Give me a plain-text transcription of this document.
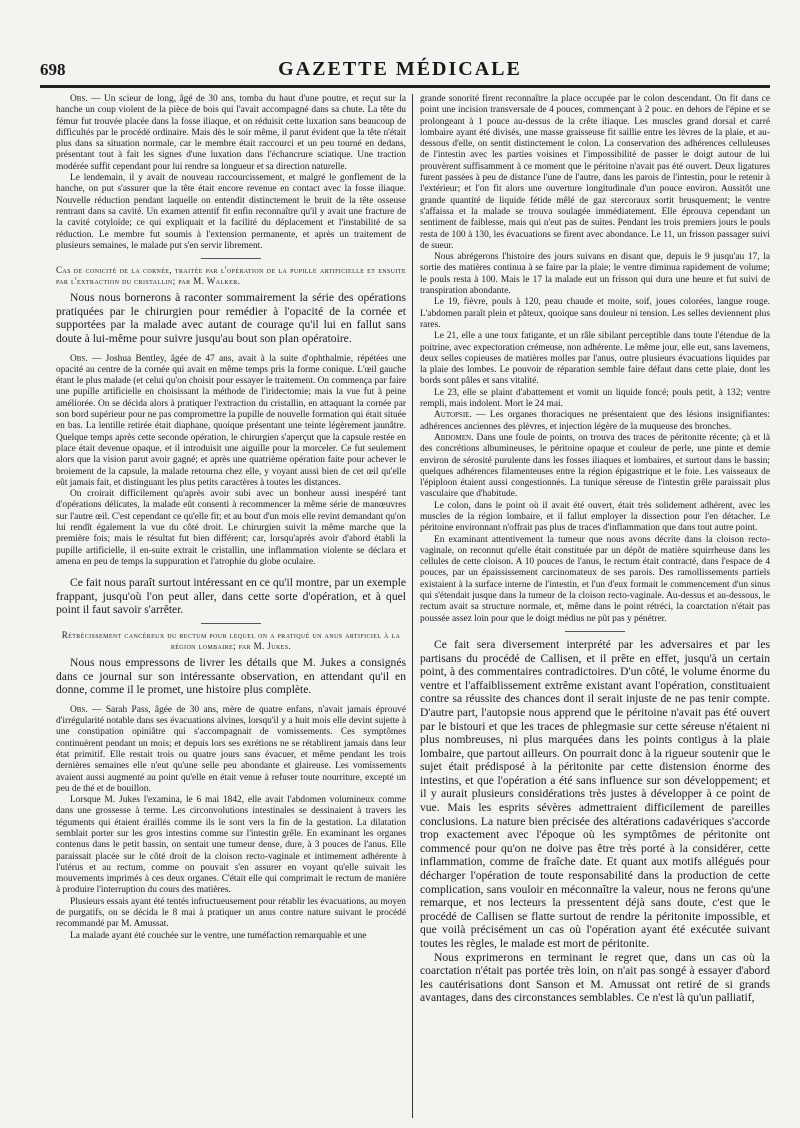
698	GAZETTE MÉDICALE

Obs. — Un scieur de long, âgé de 30 ans, tomba du haut d'une poutre, et reçut sur la hanche un coup violent de la pièce de bois qui l'avait accompagné dans sa chute. La tête du fémur fut trouvée placée dans la fosse iliaque, et on réduisit cette luxation sans beaucoup de difficultés par le procédé ordinaire. Mais dès le soir même, il parut évident que la tête n'était plus dans sa situation normale, car le membre était raccourci et un peu tourné en dedans, présentant tout à fait les signes d'une luxation dans l'échancrure sciatique. Une traction modérée suffit cependant pour lui rendre sa longueur et sa direction naturelle.

Le lendemain, il y avait de nouveau raccourcissement, et malgré le gonflement de la hanche, on put s'assurer que la tête était encore revenue en contact avec la fosse iliaque. Nouvelle réduction pendant laquelle on entendit distinctement le bruit de la tête osseuse rentrant dans sa cavité. Un examen attentif fit enfin reconnaître qu'il y avait une fracture de la cavité cotyloïde; ce qui expliquait et la facilité du déplacement et l'instabilité de sa réduction. Le membre fut soumis à l'extension permanente, et après un traitement de plusieurs semaines, le malade put s'en servir librement.

Cas de conicité de la cornée, traitée par l'opération de la pupille artificielle et ensuite par l'extraction du cristallin; par M. Walker.

Nous nous bornerons à raconter sommairement la série des opérations pratiquées par le chirurgien pour remédier à l'opacité de la cornée et supportées par la malade avec autant de courage qu'il lui en fallut sans doute à lui-même pour suivre jusqu'au bout son plan opératoire.

Obs. — Joshua Bentley, âgée de 47 ans, avait à la suite d'ophthalmie, répétées une opacité au centre de la cornée qui avait en même temps pris la forme conique. L'œil gauche étant le plus malade (et celui qu'on choisit pour essayer le traitement. On commença par faire une pupille artificielle en choisissant la méthode de l'iridectomie; mais la vue fut à peine améliorée. On se décida alors à pratiquer l'extraction du cristallin, en attaquant la cornée par son bord supérieur pour ne pas compromettre la pupille de nouvelle formation qui était située en bas. La lentille retirée était diaphane, quoique présentant une teinte légèrement jaunâtre. Quelque temps après cette seconde opération, le chirurgien s'aperçut que la capsule restée en place était devenue opaque, et il introduisit une aiguille pour la morceler. Ce fut seulement alors que la vision parut avoir gagné; et après une quatrième opération faite pour achever le broiement de la capsule, la malade retourna chez elle, y voyant aussi bien de cet œil qu'elle eût jamais fait, et distinguant les plus petits caractères à toutes les distances.

On croirait difficilement qu'après avoir subi avec un bonheur aussi inespéré tant d'opérations délicates, la malade eût consenti à recommencer la même série de manœuvres sur l'autre œil. C'est cependant ce qu'elle fit; et au bout d'un mois elle revint demandant qu'on lui rendît également la vue du côté droit. Le chirurgien suivit la même marche que la première fois; mais le résultat fut bien différent; car, lorsqu'après avoir d'abord établi la pupille artificielle, il en-suite extrait le cristallin, une inflammation violente se déclara et amena en peu de temps la suppuration et l'atrophie du globe oculaire.

Ce fait nous paraît surtout intéressant en ce qu'il montre, par un exemple frappant, jusqu'où l'on peut aller, dans cette sorte d'opération, et à quel point il faut savoir s'arrêter.

Rétrécissement cancéreux du rectum pour lequel on a pratiqué un anus artificiel à la région lombaire; par M. Jukes.

Nous nous empressons de livrer les détails que M. Jukes a consignés dans ce journal sur son intéressante observation, en attendant qu'il en donne, comme il le promet, une histoire plus complète.

Obs. — Sarah Pass, âgée de 30 ans, mère de quatre enfans, n'avait jamais éprouvé d'irrégularité notable dans ses évacuations alvines, lorsqu'il y a huit mois elle devint sujette à une constipation opiniâtre qui s'accompagnait de vomissements. Ces symptômes continuèrent pendant un mois; et depuis lors ses exrétions ne se rétablirent jamais dans leur état primitif. Elle restait trois ou quatre jours sans évacuer, et même pendant les trois dernières semaines elle n'eut qu'une selle peu abondante et glaireuse. Les vomissements avaient aussi augmenté au point qu'elle en était venue à refuser toute nourriture, excepté un peu de thé et de bouillon.

Lorsque M. Jukes l'examina, le 6 mai 1842, elle avait l'abdomen volumineux comme dans une grossesse à terme. Les circonvolutions intestinales se dessinaient à travers les téguments qui étaient éraillés comme ils le sont vers la fin de la gestation. La dilatation semblait porter sur les gros intestins comme sur l'intestin grêle. En examinant les organes contenus dans le petit bassin, on sentait une tumeur dense, dure, à 3 pouces de l'anus. Elle paraissait placée sur le côté droit de la cloison recto-vaginale et intimement adhérente à l'utérus et au rectum, comme on pouvait s'en assurer en voyant qu'elle suivait les mouvements imprimés à ces deux organes. C'était elle qui comprimait le rectum de manière à produire l'interruption du cours des matières.

Plusieurs essais ayant été tentés infructueusement pour rétablir les évacuations, au moyen de purgatifs, on se décida le 8 mai à pratiquer un anus contre nature suivant le procédé recommandé par M. Amussat.

La malade ayant été couchée sur le ventre, une tuméfaction remarquable et une

grande sonorité firent reconnaître la place occupée par le colon descendant. On fit dans ce point une incision transversale de 4 pouces, commençant à 2 pouc. en dehors de l'épine et se prolongeant à 1 pouce au-dessus de la crête iliaque. Les muscles grand dorsal et carré lombaire ayant été divisés, une masse graisseuse fit saillie entre les lèvres de la plaie, et au-dessous d'elle, on sentit distinctement le colon. La conservation des adhérences celluleuses de l'intestin avec les parties voisines et l'impossibilité de passer le doigt autour de lui prouvèrent suffisamment à ce moment que le péritoine n'avait pas été ouvert. Deux ligatures furent passées à peu de distance l'une de l'autre, dans les parois de l'intestin, pour le retenir à l'extérieur; et l'on fit alors une ouverture longitudinale d'un pouce environ. Aussitôt une grande quantité de liquide fétide mêlé de gaz stercoraux sortit brusquement; le ventre s'affaissa et la malade se trouva soulagée immédiatement. Elle éprouva cependant un sentiment de faiblesse, mais qui n'eut pas de suites. Pendant les trois premiers jours le pouls resta de 100 à 130, les évacuations se firent avec abondance. Le 11, un frisson passager suivi de sueur.

Nous abrégerons l'histoire des jours suivans en disant que, depuis le 9 jusqu'au 17, la sortie des matières continua à se faire par la plaie; le ventre diminua rapidement de volume; le pouls resta à 100. Mais le 17 la malade eut un frisson qui dura une heure et fut suivi de transpiration abondante.

Le 19, fièvre, pouls à 120, peau chaude et moite, soif, joues colorées, langue rouge. L'abdomen paraît plein et pâteux, quoique sans douleur ni tension. Les selles deviennent plus rares.

Le 21, elle a une toux fatigante, et un râle sibilant perceptible dans toute l'étendue de la poitrine, avec expectoration crémeuse, non adhérente. Le même jour, elle eut, sans lavemens, deux selles copieuses de matières molles par l'anus, outre plusieurs évacuations liquides par la plaie des lombes. Le pouvoir de réparation semble faire défaut dans cette plaie, dont les bords sont pâles et sans vitalité.

Le 23, elle se plaint d'abattement et vomit un liquide foncé; pouls petit, à 132; ventre rempli, mais indolent. Mort le 24 mai.

Autopsie. — Les organes thoraciques ne présentaient que des lésions insignifiantes: adhérences anciennes des plèvres, et injection légère de la muqueuse des bronches.

Abdomen. Dans une foule de points, on trouva des traces de péritonite récente; çà et là des concrétions albumineuses, le péritoine opaque et couleur de perle, une pinte et demie environ de sérosité purulente dans les fosses iliaques et lombaires, et surtout dans le bassin; quelques adhérences filamenteuses entre la région épigastrique et le foie. Les vaisseaux de l'épiploon étaient aussi congestionnés. La tunique séreuse de l'intestin grêle paraissait plus vasculaire que d'habitude.

Le colon, dans le point où il avait été ouvert, était très solidement adhérent, avec les muscles de la région lombaire, et il fallut employer la dissection pour l'en détacher. Le péritoine environnant n'offrait pas plus de traces d'inflammation que dans tout autre point.

En examinant attentivement la tumeur que nous avons décrite dans la cloison recto-vaginale, on reconnut qu'elle était constituée par un dépôt de matière squirrheuse dans les cellules de cette cloison. A 10 pouces de l'anus, le rectum était contracté, dans l'espace de 4 pouces, par un épaississement carcinomateux de ses parois. Des ramollissements partiels existaient à la surface interne de l'intestin, et l'un d'eux formait le commencement d'un sinus qui s'étendait jusque dans la tumeur de la cloison recto-vaginale. Au-dessus et au-dessous, le rectum avait sa structure normale, et, même dans le point rétréci, la coarctation n'était pas poussée assez loin pour que le doigt médius ne pût pas y pénétrer.

Ce fait sera diversement interprété par les adversaires et par les partisans du procédé de Callisen, et il prête en effet, jusqu'à un certain point, à des commentaires contradictoires. D'un côté, le volume énorme du ventre et l'affaiblissement extrême existant avant l'opération, constituaient contre sa réussite des chances dont il serait injuste de ne pas tenir compte. D'autre part, l'autopsie nous apprend que le péritoine n'avait pas été ouvert par le bistouri et que les traces de phlegmasie sur cette séreuse n'étaient ni plus nombreuses, ni plus marquées dans les points contigus à la plaie lombaire, que partout ailleurs. On pourrait donc à la rigueur soutenir que le sujet était prédisposé à la péritonite par cette distension énorme des intestins, et que l'opération a été sans influence sur son développement; et il y aurait plusieurs considérations très justes à développer à ce point de vue. Mais les esprits sévères admettraient difficilement de pareilles conclusions. La nature bien précisée des altérations cadavériques s'accorde trop exactement avec l'époque où les symptômes de péritonite ont commencé pour qu'on ne doive pas être très porté à la considérer, cette inflammation, comme de fraîche date. Et quant aux motifs allégués pour décharger l'opération de toute responsabilité dans la production de cette complication, sans vouloir en méconnaître la valeur, nous ne ferons qu'une remarque, et nos lecteurs la pressentent déjà sans doute, c'est que le procédé de Callisen se flatte surtout de rendre la péritonite impossible, et que voilà précisément un cas où l'opération ayant été exécutée suivant toutes les règles, le malade est mort de péritonite.

Nous exprimerons en terminant le regret que, dans un cas où la coarctation n'était pas portée très loin, on n'ait pas songé à essayer d'abord les cautérisations dont Sanson et M. Amussat ont retiré de si grands avantages, dans des circonstances semblables. Ce n'est là qu'un palliatif,
